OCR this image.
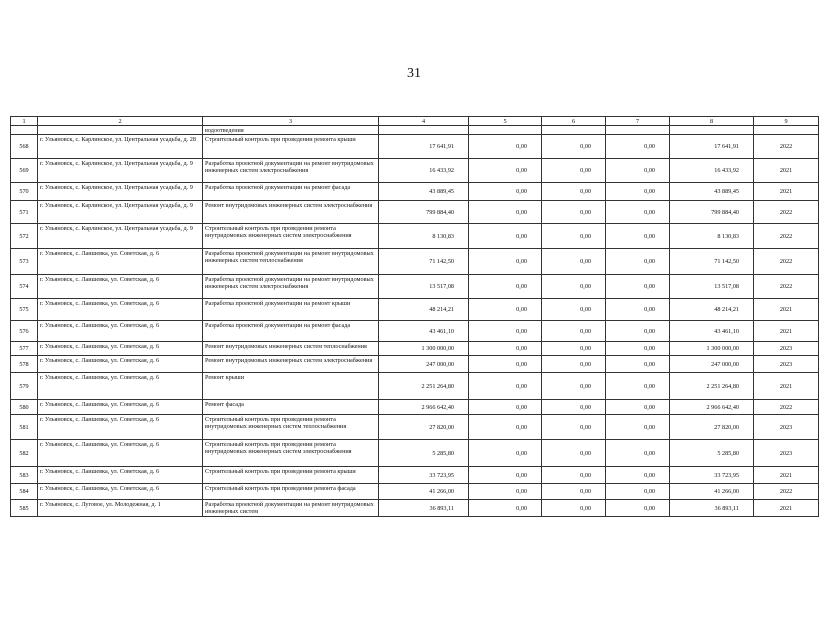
31
1	2	3	4	5	6	7	8	9
		водоотведения						
568	г. Ульяновск, с. Карлинское, ул. Центральная усадьба, д. 28	Строительный контроль при проведении ремонта крыши	17 641,91	0,00	0,00	0,00	17 641,91	2022
569	г. Ульяновск, с. Карлинское, ул. Центральная усадьба, д. 9	Разработка проектной документации на ремонт внутридомовых инженерных систем электроснабжения	16 433,92	0,00	0,00	0,00	16 433,92	2021
570	г. Ульяновск, с. Карлинское, ул. Центральная усадьба, д. 9	Разработка проектной документации на ремонт фасада	43 889,45	0,00	0,00	0,00	43 889,45	2021
571	г. Ульяновск, с. Карлинское, ул. Центральная усадьба, д. 9	Ремонт внутридомовых инженерных систем электроснабжения	799 884,40	0,00	0,00	0,00	799 884,40	2022
572	г. Ульяновск, с. Карлинское, ул. Центральная усадьба, д. 9	Строительный контроль при проведении ремонта внутридомовых инженерных систем электроснабжения	8 130,83	0,00	0,00	0,00	8 130,83	2022
573	г. Ульяновск, с. Лаишевка, ул. Советская, д. 6	Разработка проектной документации на ремонт внутридомовых инженерных систем теплоснабжения	71 142,50	0,00	0,00	0,00	71 142,50	2022
574	г. Ульяновск, с. Лаишевка, ул. Советская, д. 6	Разработка проектной документации на ремонт внутридомовых инженерных систем электроснабжения	13 517,08	0,00	0,00	0,00	13 517,08	2022
575	г. Ульяновск, с. Лаишевка, ул. Советская, д. 6	Разработка проектной документации на ремонт крыши	48 214,21	0,00	0,00	0,00	48 214,21	2021
576	г. Ульяновск, с. Лаишевка, ул. Советская, д. 6	Разработка проектной документации на ремонт фасада	43 461,10	0,00	0,00	0,00	43 461,10	2021
577	г. Ульяновск, с. Лаишевка, ул. Советская, д. 6	Ремонт внутридомовых инженерных систем теплоснабжения	1 300 000,00	0,00	0,00	0,00	1 300 000,00	2023
578	г. Ульяновск, с. Лаишевка, ул. Советская, д. 6	Ремонт внутридомовых инженерных систем электроснабжения	247 000,00	0,00	0,00	0,00	247 000,00	2023
579	г. Ульяновск, с. Лаишевка, ул. Советская, д. 6	Ремонт крыши	2 251 264,80	0,00	0,00	0,00	2 251 264,80	2021
580	г. Ульяновск, с. Лаишевка, ул. Советская, д. 6	Ремонт фасада	2 966 642,40	0,00	0,00	0,00	2 966 642,40	2022
581	г. Ульяновск, с. Лаишевка, ул. Советская, д. 6	Строительный контроль при проведении ремонта внутридомовых инженерных систем теплоснабжения	27 820,00	0,00	0,00	0,00	27 820,00	2023
582	г. Ульяновск, с. Лаишевка, ул. Советская, д. 6	Строительный контроль при проведении ремонта внутридомовых инженерных систем электроснабжения	5 285,80	0,00	0,00	0,00	5 285,80	2023
583	г. Ульяновск, с. Лаишевка, ул. Советская, д. 6	Строительный контроль при проведении ремонта крыши	33 723,95	0,00	0,00	0,00	33 723,95	2021
584	г. Ульяновск, с. Лаишевка, ул. Советская, д. 6	Строительный контроль при проведении ремонта фасада	41 266,00	0,00	0,00	0,00	41 266,00	2022
585	г. Ульяновск, с. Луговое, ул. Молодежная, д. 1	Разработка проектной документации на ремонт внутридомовых инженерных систем	36 893,11	0,00	0,00	0,00	36 893,11	2021
